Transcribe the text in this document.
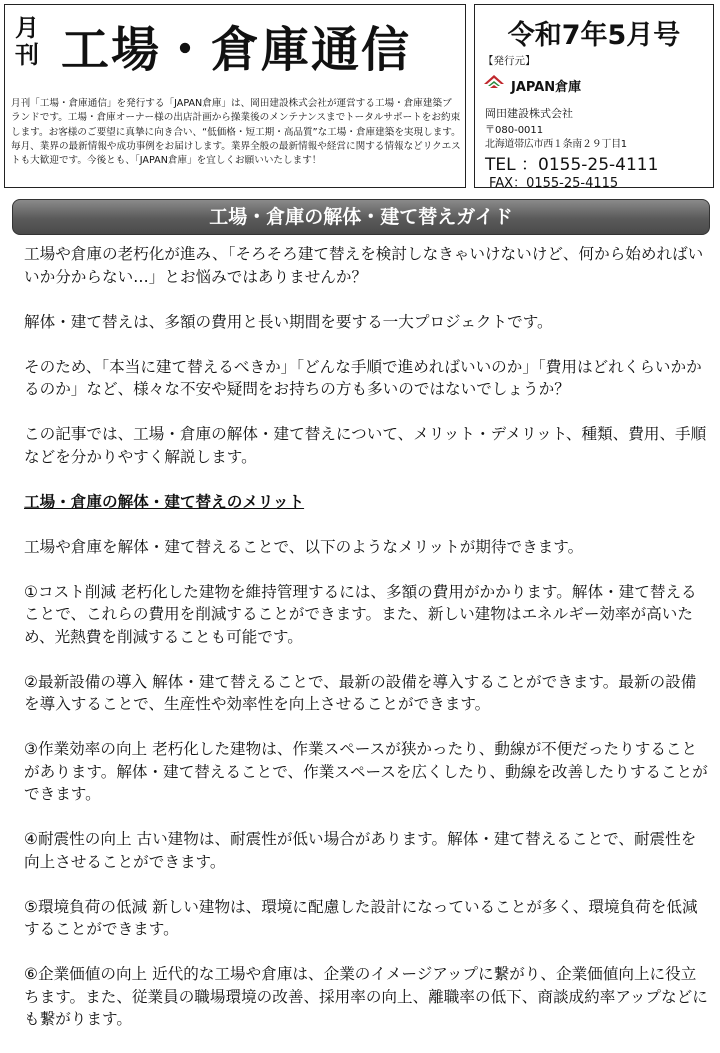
月刊 工場・倉庫通信
月刊「工場・倉庫通信」を発行する「JAPAN倉庫」は、岡田建設株式会社が運営する工場・倉庫建築ブランドです。工場・倉庫オーナー様の出店計画から操業後のメンテナンスまでトータルサポートをお約束します。お客様のご要望に真摯に向き合い、“低価格・短工期・高品質”な工場・倉庫建築を実現します。毎月、業界の最新情報や成功事例をお届けします。業界全般の最新情報や経営に関する情報などリクエストも大歓迎です。今後とも、「JAPAN倉庫」を宜しくお願いいたします！
令和7年5月号
【発行元】
JAPAN倉庫
岡田建設株式会社
〒080-0011
北海道帯広市西１条南２９丁目1
TEL ：0155-25-4111
FAX：0155-25-4115
工場・倉庫の解体・建て替えガイド

工場や倉庫の老朽化が進み、「そろそろ建て替えを検討しなきゃいけないけど、何から始めればいいか分からない…」とお悩みではありませんか？

解体・建て替えは、多額の費用と長い期間を要する一大プロジェクトです。

そのため、「本当に建て替えるべきか」「どんな手順で進めればいいのか」「費用はどれくらいかかるのか」など、様々な不安や疑問をお持ちの方も多いのではないでしょうか？

この記事では、工場・倉庫の解体・建て替えについて、メリット・デメリット、種類、費用、手順などを分かりやすく解説します。

工場・倉庫の解体・建て替えのメリット

工場や倉庫を解体・建て替えることで、以下のようなメリットが期待できます。

①コスト削減 老朽化した建物を維持管理するには、多額の費用がかかります。解体・建て替えることで、これらの費用を削減することができます。また、新しい建物はエネルギー効率が高いため、光熱費を削減することも可能です。

②最新設備の導入 解体・建て替えることで、最新の設備を導入することができます。最新の設備を導入することで、生産性や効率性を向上させることができます。

③作業効率の向上 老朽化した建物は、作業スペースが狭かったり、動線が不便だったりすることがあります。解体・建て替えることで、作業スペースを広くしたり、動線を改善したりすることができます。

④耐震性の向上 古い建物は、耐震性が低い場合があります。解体・建て替えることで、耐震性を向上させることができます。

⑤環境負荷の低減 新しい建物は、環境に配慮した設計になっていることが多く、環境負荷を低減することができます。

⑥企業価値の向上 近代的な工場や倉庫は、企業のイメージアップに繋がり、企業価値向上に役立ちます。また、従業員の職場環境の改善、採用率の向上、離職率の低下、商談成約率アップなどにも繋がります。
